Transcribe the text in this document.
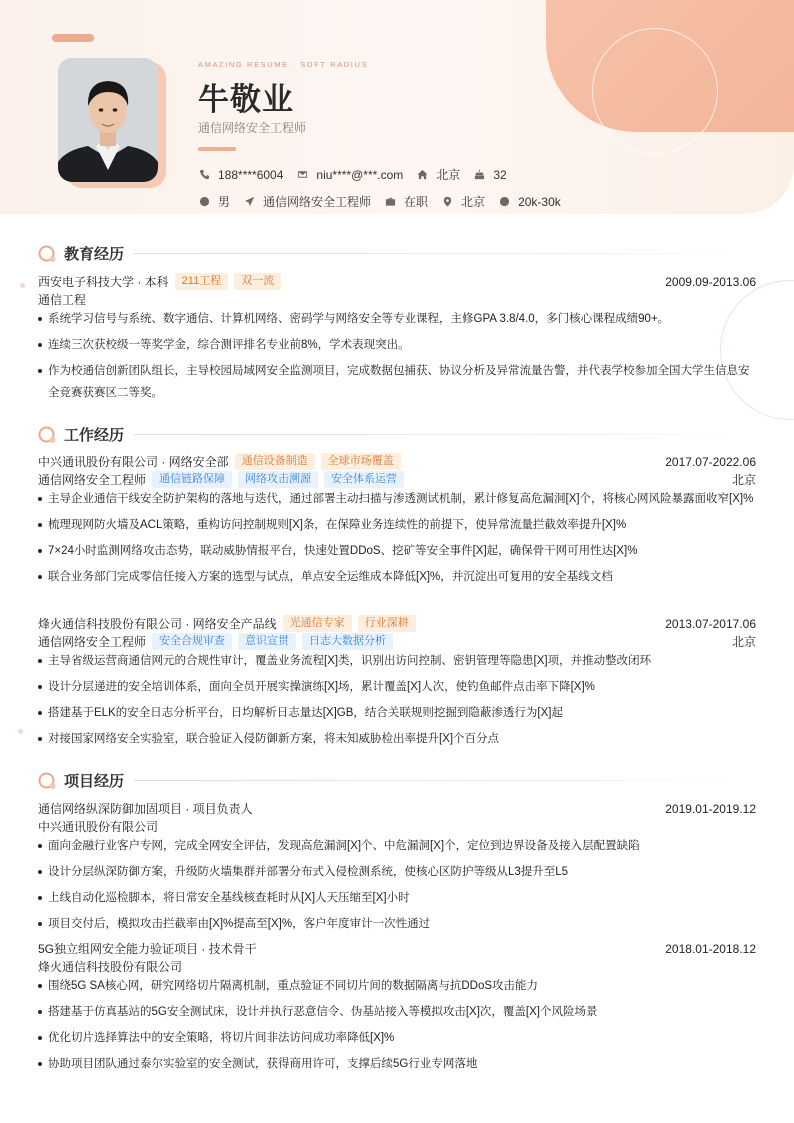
AMAZING RESUME · SOFT RADIUS
牛敬业
通信网络安全工程师
188****6004	niu****@***.com	北京	32
男	通信网络安全工程师	在职	北京	20k-30k
教育经历
西安电子科技大学 · 本科	211工程	双一流	2009.09-2013.06
通信工程
系统学习信号与系统、数字通信、计算机网络、密码学与网络安全等专业课程，主修GPA 3.8/4.0，多门核心课程成绩90+。
连续三次获校级一等奖学金，综合测评排名专业前8%，学术表现突出。
作为校通信创新团队组长，主导校园局域网安全监测项目，完成数据包捕获、协议分析及异常流量告警，并代表学校参加全国大学生信息安全竞赛获赛区二等奖。
工作经历
中兴通讯股份有限公司 · 网络安全部	通信设备制造	全球市场覆盖	2017.07-2022.06
通信网络安全工程师	通信链路保障	网络攻击溯源	安全体系运营	北京
主导企业通信干线安全防护架构的落地与迭代，通过部署主动扫描与渗透测试机制，累计修复高危漏洞[X]个，将核心网风险暴露面收窄[X]%
梳理现网防火墙及ACL策略，重构访问控制规则[X]条，在保障业务连续性的前提下，使异常流量拦截效率提升[X]%
7×24小时监测网络攻击态势，联动威胁情报平台，快速处置DDoS、挖矿等安全事件[X]起，确保骨干网可用性达[X]%
联合业务部门完成零信任接入方案的选型与试点，单点安全运维成本降低[X]%，并沉淀出可复用的安全基线文档
烽火通信科技股份有限公司 · 网络安全产品线	光通信专家	行业深耕	2013.07-2017.06
通信网络安全工程师	安全合规审查	意识宣贯	日志大数据分析	北京
主导省级运营商通信网元的合规性审计，覆盖业务流程[X]类，识别出访问控制、密钥管理等隐患[X]项，并推动整改闭环
设计分层递进的安全培训体系，面向全员开展实操演练[X]场，累计覆盖[X]人次，使钓鱼邮件点击率下降[X]%
搭建基于ELK的安全日志分析平台，日均解析日志量达[X]GB，结合关联规则挖掘到隐蔽渗透行为[X]起
对接国家网络安全实验室，联合验证入侵防御新方案，将未知威胁检出率提升[X]个百分点
项目经历
通信网络纵深防御加固项目 · 项目负责人	2019.01-2019.12
中兴通讯股份有限公司
面向金融行业客户专网，完成全网安全评估，发现高危漏洞[X]个、中危漏洞[X]个，定位到边界设备及接入层配置缺陷
设计分层纵深防御方案，升级防火墙集群并部署分布式入侵检测系统，使核心区防护等级从L3提升至L5
上线自动化巡检脚本，将日常安全基线核查耗时从[X]人天压缩至[X]小时
项目交付后，模拟攻击拦截率由[X]%提高至[X]%，客户年度审计一次性通过
5G独立组网安全能力验证项目 · 技术骨干	2018.01-2018.12
烽火通信科技股份有限公司
围绕5G SA核心网，研究网络切片隔离机制，重点验证不同切片间的数据隔离与抗DDoS攻击能力
搭建基于仿真基站的5G安全测试床，设计并执行恶意信令、伪基站接入等模拟攻击[X]次，覆盖[X]个风险场景
优化切片选择算法中的安全策略，将切片间非法访问成功率降低[X]%
协助项目团队通过泰尔实验室的安全测试，获得商用许可，支撑后续5G行业专网落地
